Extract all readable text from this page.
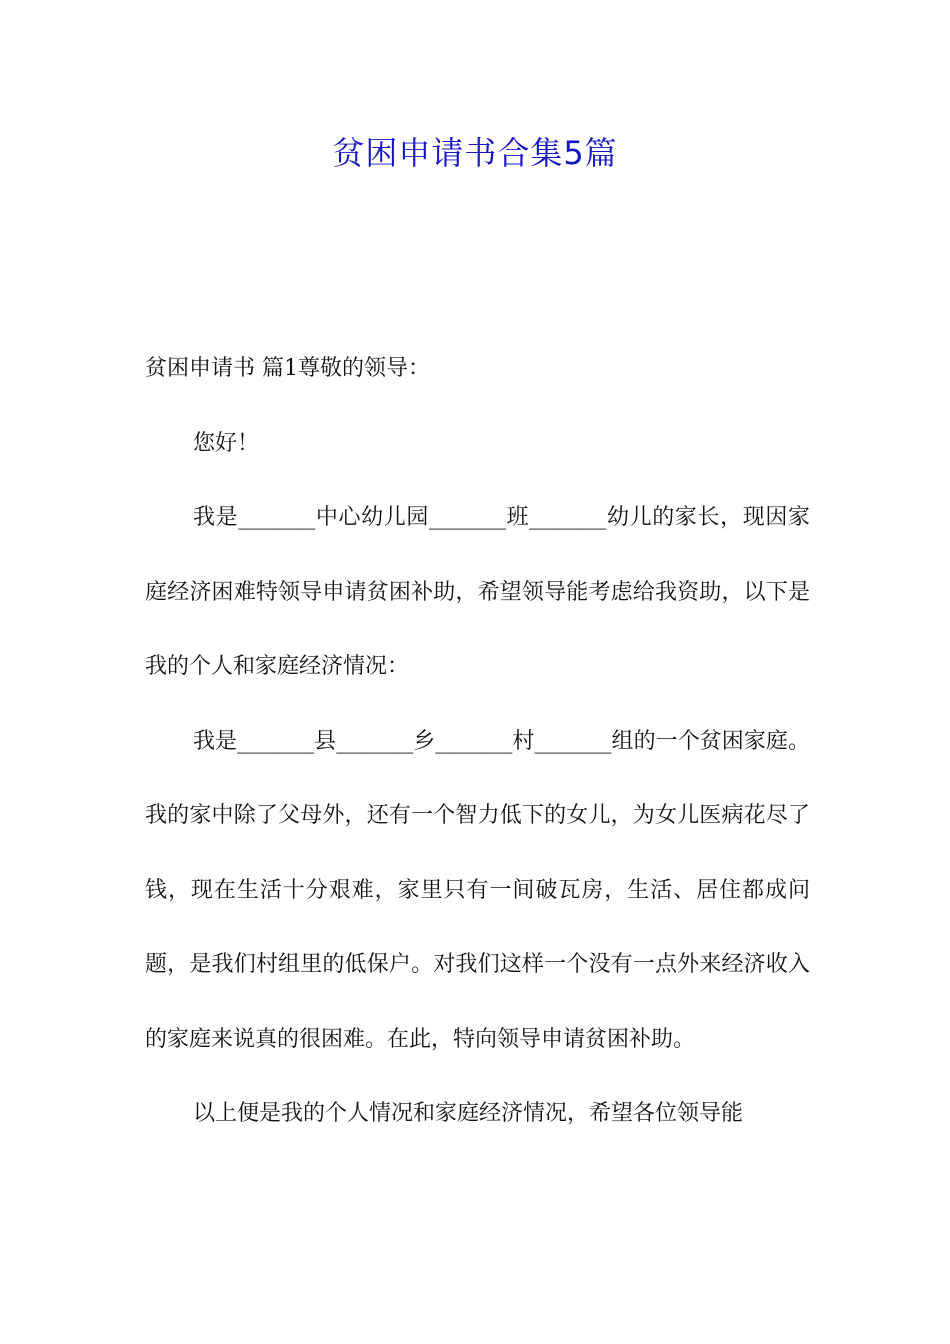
贫困申请书合集5篇

贫困申请书 篇1尊敬的领导：

您好！

我是_______中心幼儿园_______班_______幼儿的家长，现因家庭经济困难特领导申请贫困补助，希望领导能考虑给我资助，以下是我的个人和家庭经济情况：

我是_______县_______乡_______村_______组的一个贫困家庭。我的家中除了父母外，还有一个智力低下的女儿，为女儿医病花尽了钱，现在生活十分艰难，家里只有一间破瓦房，生活、居住都成问题，是我们村组里的低保户。对我们这样一个没有一点外来经济收入的家庭来说真的很困难。在此，特向领导申请贫困补助。

以上便是我的个人情况和家庭经济情况，希望各位领导能
